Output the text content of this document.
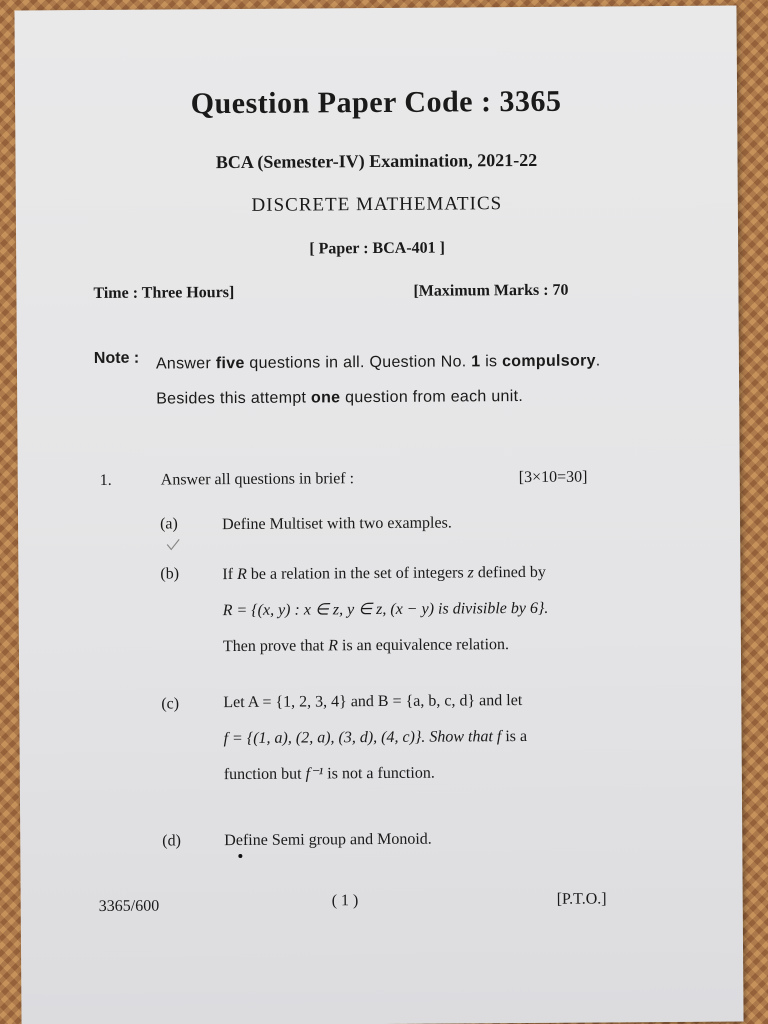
Question Paper Code : 3365
BCA (Semester-IV) Examination, 2021-22
DISCRETE MATHEMATICS
[ Paper : BCA-401 ]
Time : Three Hours]	[Maximum Marks : 70
Note : Answer five questions in all. Question No. 1 is compulsory. Besides this attempt one question from each unit.
1.	Answer all questions in brief :	[3×10=30]
(a)	Define Multiset with two examples.
(b)	If R be a relation in the set of integers z defined by
R = {(x, y) : x ∈ z, y ∈ z, (x − y) is divisible by 6}.
Then prove that R is an equivalence relation.
(c)	Let A = {1, 2, 3, 4} and B = {a, b, c, d} and let
f = {(1, a), (2, a), (3, d), (4, c)}. Show that f is a
function but f⁻¹ is not a function.
(d)	Define Semi group and Monoid.
3365/600	( 1 )	[P.T.O.]
